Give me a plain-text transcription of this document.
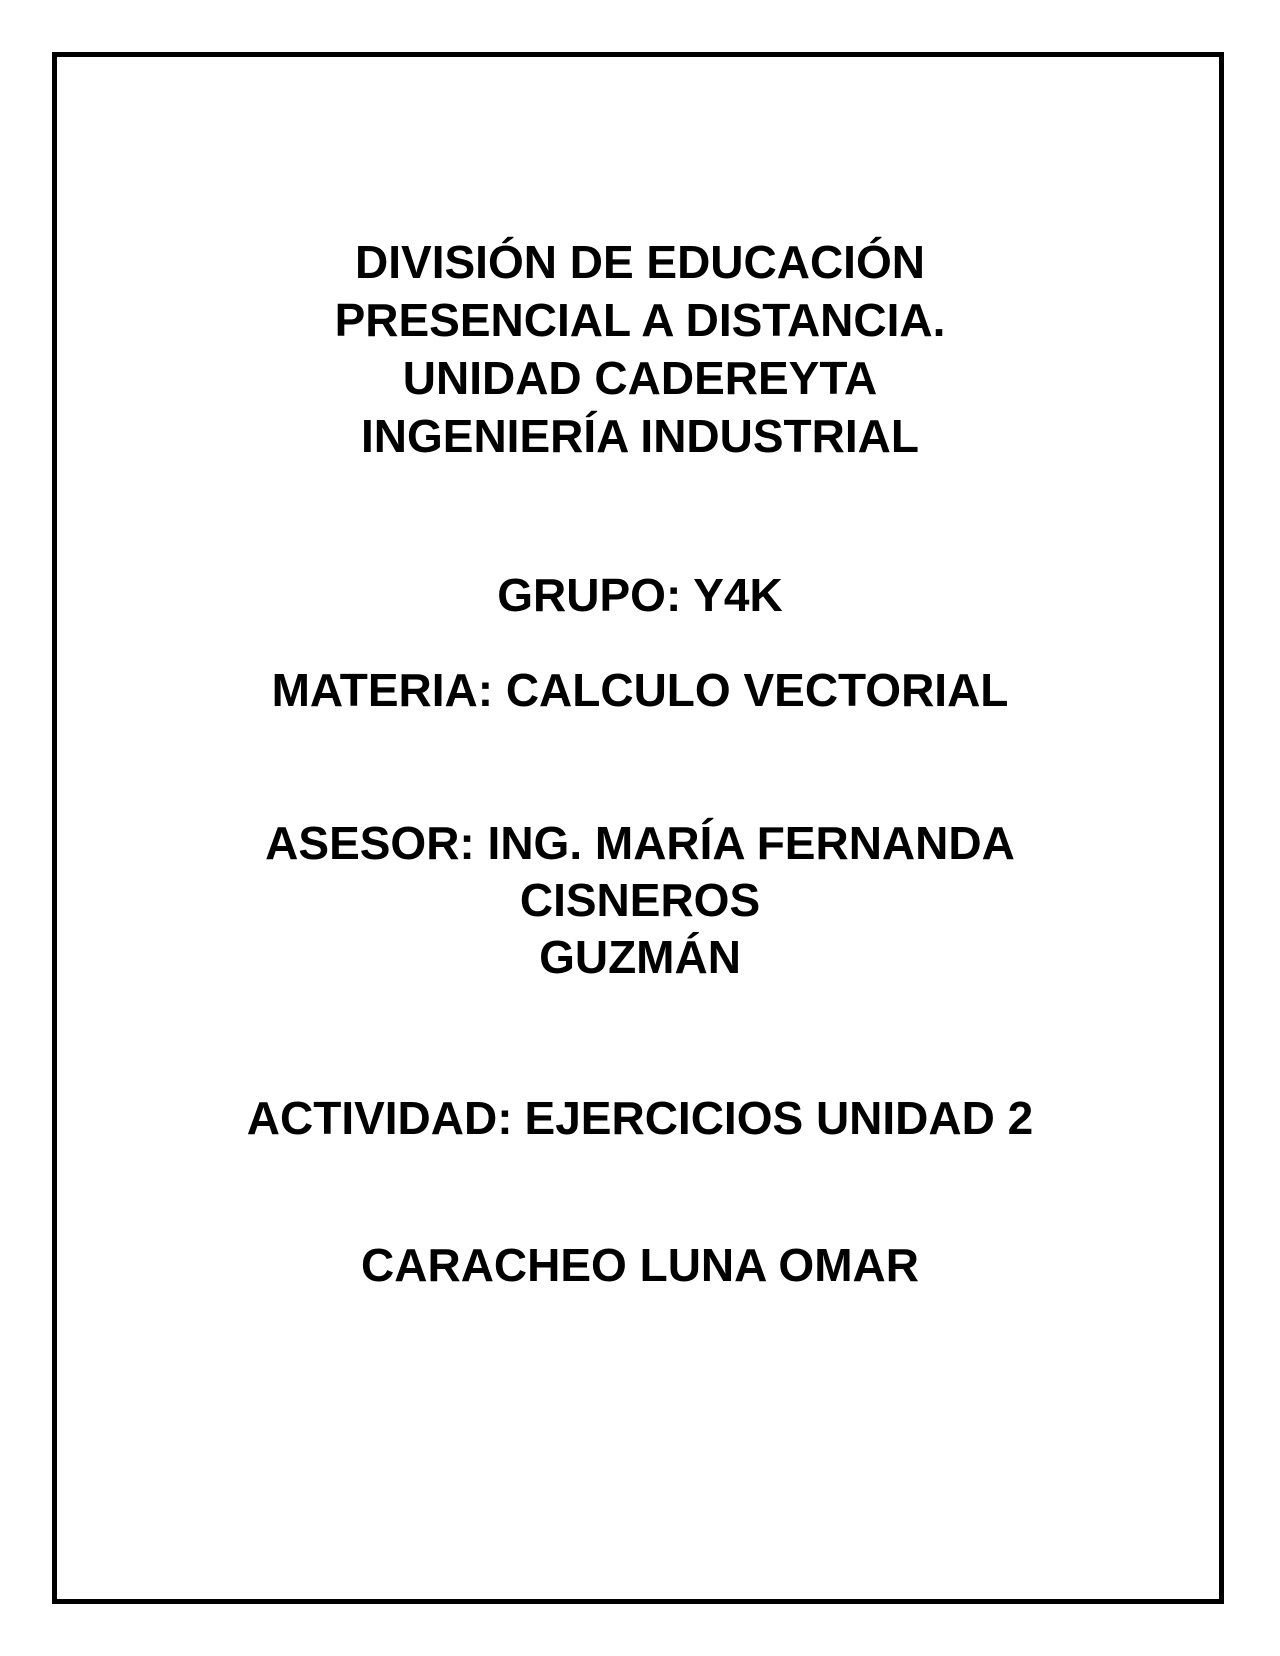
DIVISIÓN DE EDUCACIÓN
PRESENCIAL A DISTANCIA.
UNIDAD CADEREYTA
INGENIERÍA INDUSTRIAL
GRUPO: Y4K
MATERIA: CALCULO VECTORIAL
ASESOR: ING. MARÍA FERNANDA
CISNEROS
GUZMÁN
ACTIVIDAD: EJERCICIOS UNIDAD 2
CARACHEO LUNA OMAR
